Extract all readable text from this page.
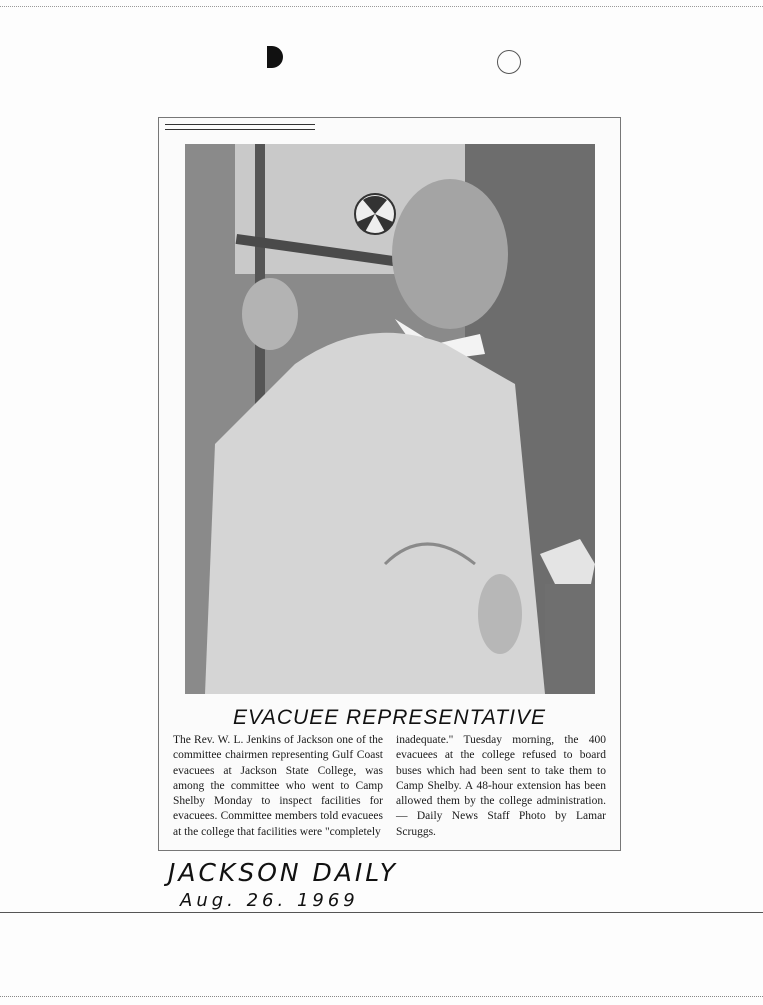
EVACUEE REPRESENTATIVE
The Rev. W. L. Jenkins of Jackson one of the committee chairmen representing Gulf Coast evacuees at Jackson State College, was among the committee who went to Camp Shelby Monday to inspect facilities for evacuees. Committee members told evacuees at the college that facilities were "completely
inadequate." Tuesday morning, the 400 evacuees at the college refused to board buses which had been sent to take them to Camp Shelby. A 48-hour extension has been allowed them by the college administration. — Daily News Staff Photo by Lamar Scruggs.
JACKSON DAILY
Aug. 26. 1969
